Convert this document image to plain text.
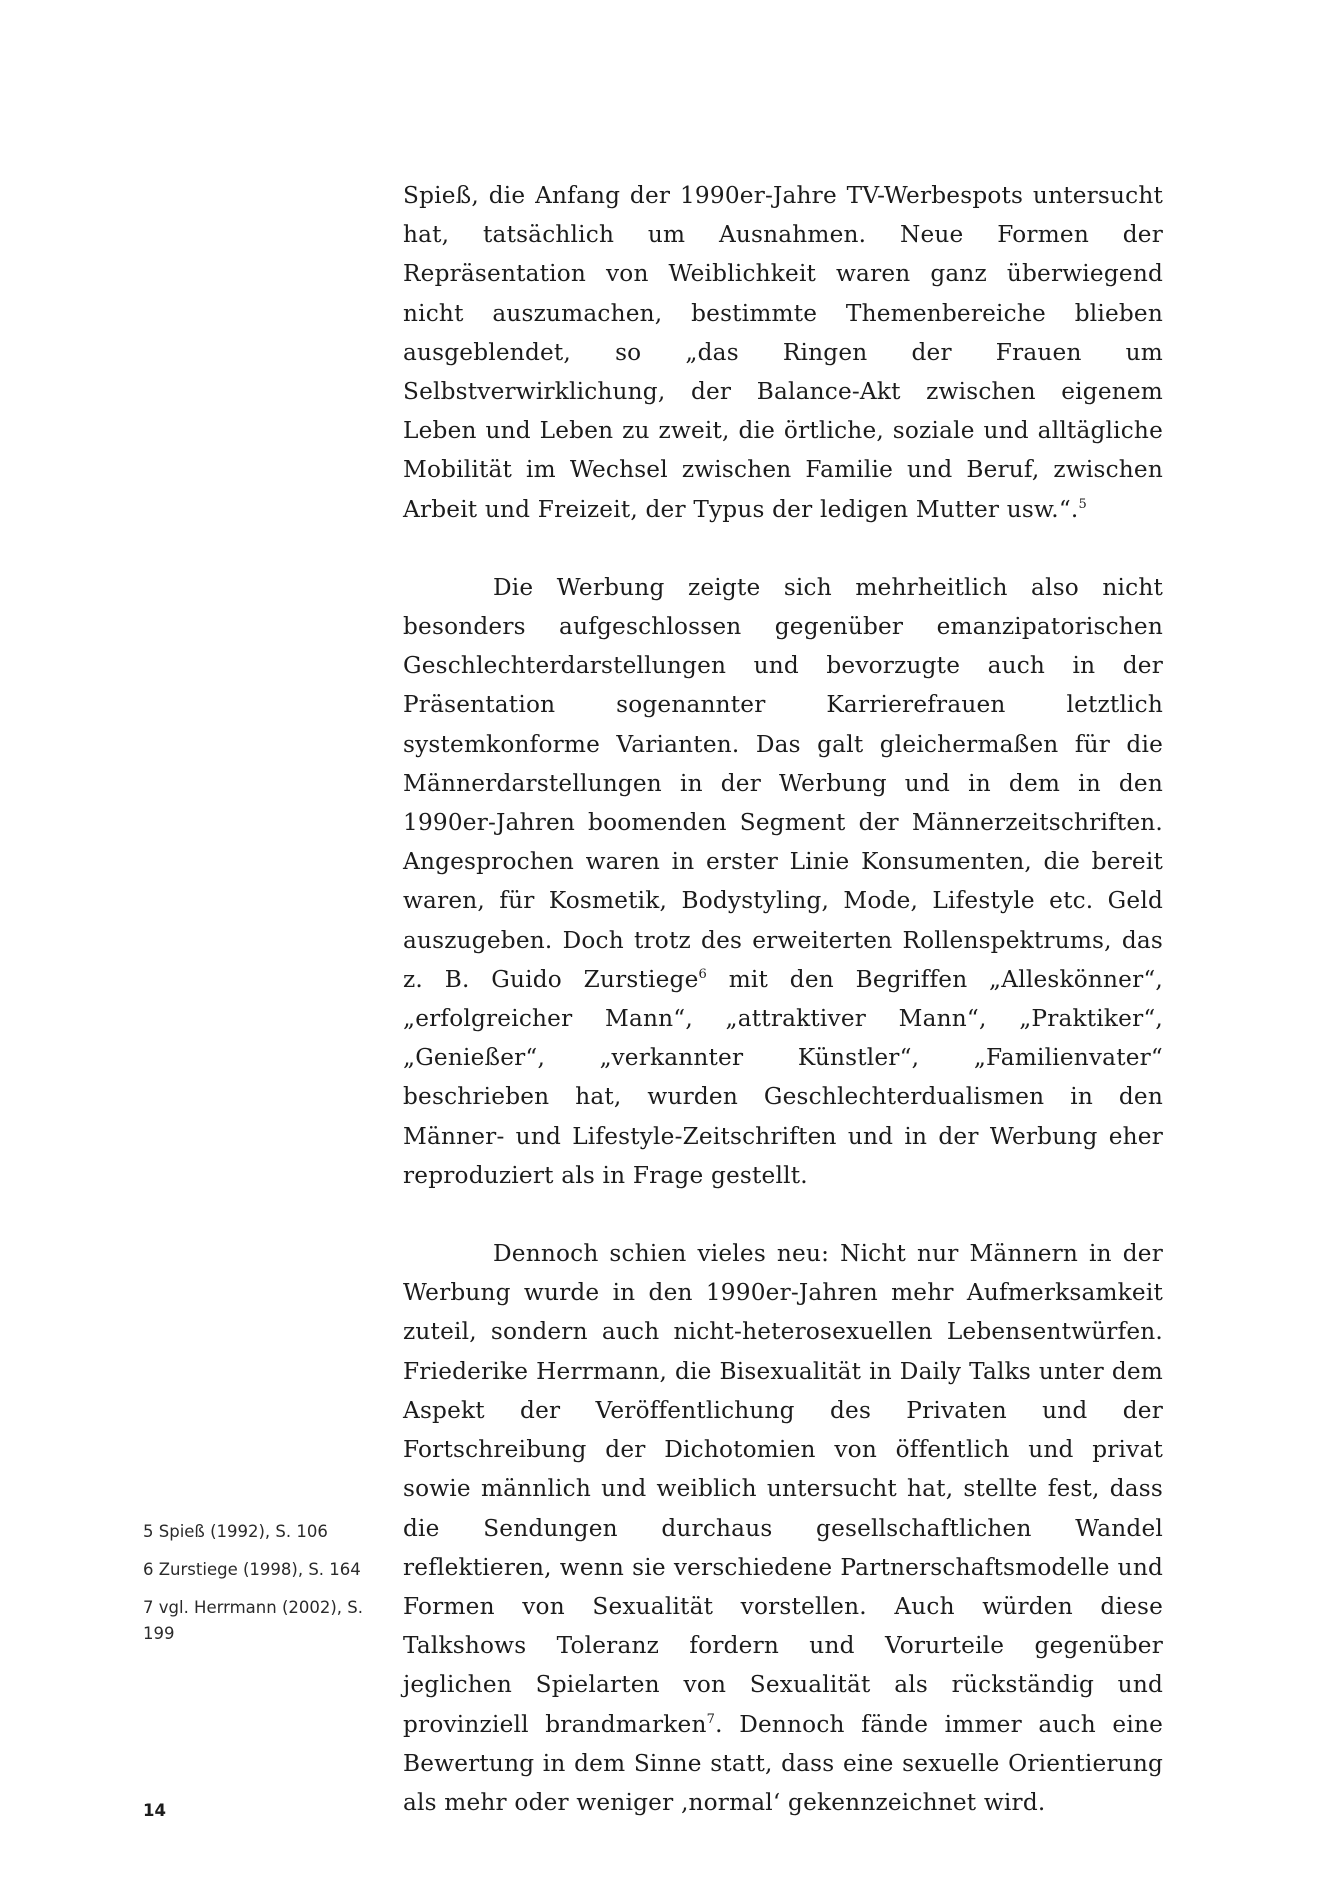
Spieß, die Anfang der 1990er-Jahre TV-Werbespots untersucht hat, tatsächlich um Ausnahmen. Neue Formen der Repräsentation von Weiblichkeit waren ganz überwiegend nicht auszumachen, bestimmte Themenbereiche blieben ausgeblendet, so „das Ringen der Frauen um Selbstverwirklichung, der Balance-Akt zwischen eigenem Leben und Leben zu zweit, die örtliche, soziale und alltägliche Mobilität im Wechsel zwischen Familie und Beruf, zwischen Arbeit und Freizeit, der Typus der ledigen Mutter usw.“.$^5$

Die Werbung zeigte sich mehrheitlich also nicht besonders aufgeschlossen gegenüber emanzipatorischen Geschlechterdarstellungen und bevorzugte auch in der Präsentation sogenannter Karrierefrauen letztlich systemkonforme Varianten. Das galt gleichermaßen für die Männerdarstellungen in der Werbung und in dem in den 1990er-Jahren boomenden Segment der Männerzeitschriften. Angesprochen waren in erster Linie Konsumenten, die bereit waren, für Kosmetik, Bodystyling, Mode, Lifestyle etc. Geld auszugeben. Doch trotz des erweiterten Rollenspektrums, das z. B. Guido Zurstiege$^6$ mit den Begriffen „Alleskönner“, „erfolgreicher Mann“, „attraktiver Mann“, „Praktiker“, „Genießer“, „verkannter Künstler“, „Familienvater“ beschrieben hat, wurden Geschlechterdualismen in den Männer- und Lifestyle-Zeitschriften und in der Werbung eher reproduziert als in Frage gestellt.

Dennoch schien vieles neu: Nicht nur Männern in der Werbung wurde in den 1990er-Jahren mehr Aufmerksamkeit zuteil, sondern auch nicht-heterosexuellen Lebensentwürfen. Friederike Herrmann, die Bisexualität in Daily Talks unter dem Aspekt der Veröffentlichung des Privaten und der Fortschreibung der Dichotomien von öffentlich und privat sowie männlich und weiblich untersucht hat, stellte fest, dass die Sendungen durchaus gesellschaftlichen Wandel reflektieren, wenn sie verschiedene Partnerschaftsmodelle und Formen von Sexualität vorstellen. Auch würden diese Talkshows Toleranz fordern und Vorurteile gegenüber jeglichen Spielarten von Sexualität als rückständig und provinziell brandmarken$^7$. Dennoch fände immer auch eine Bewertung in dem Sinne statt, dass eine sexuelle Orientierung als mehr oder weniger ‚normal‘ gekennzeichnet wird.

5 Spieß (1992), S. 106

6 Zurstiege (1998), S. 164

7 vgl. Herrmann (2002), S. 199

14
